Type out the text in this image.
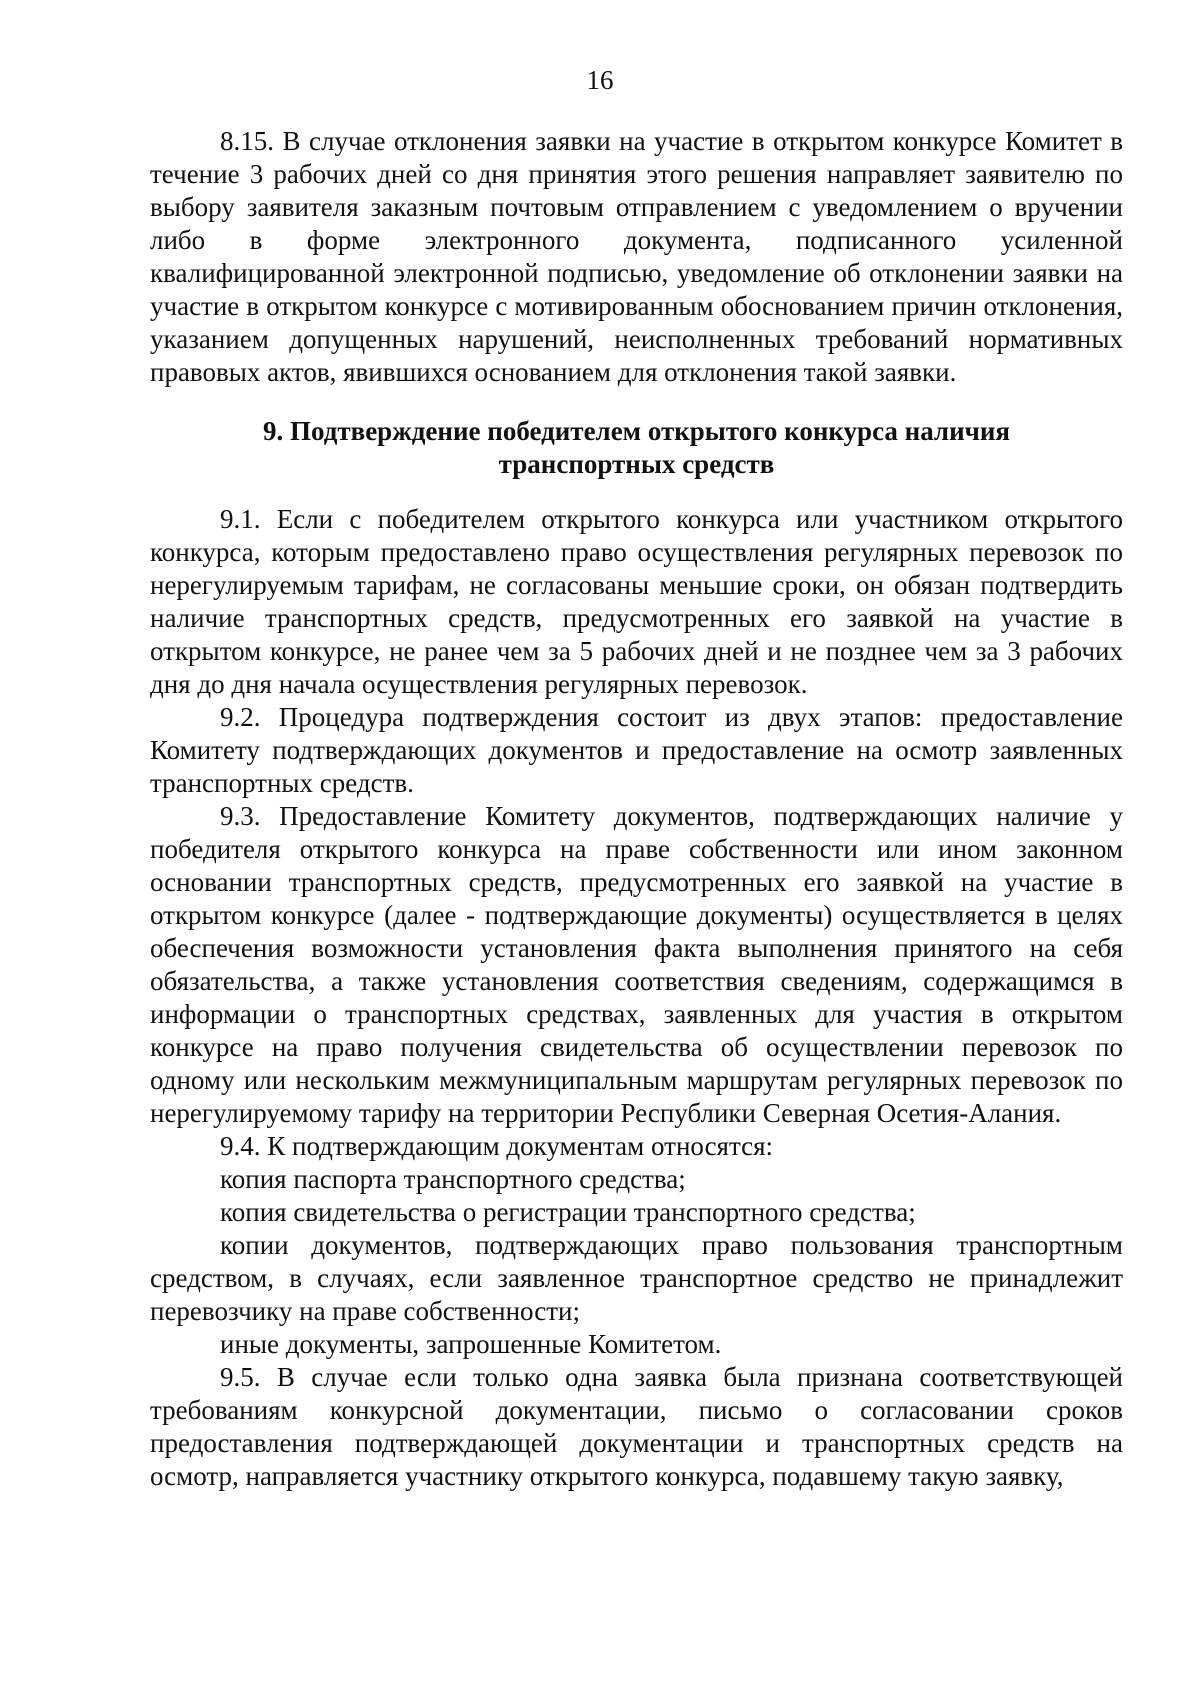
16

8.15. В случае отклонения заявки на участие в открытом конкурсе Комитет в течение 3 рабочих дней со дня принятия этого решения направляет заявителю по выбору заявителя заказным почтовым отправлением с уведомлением о вручении либо в форме электронного документа, подписанного усиленной квалифицированной электронной подписью, уведомление об отклонении заявки на участие в открытом конкурсе с мотивированным обоснованием причин отклонения, указанием допущенных нарушений, неисполненных требований нормативных правовых актов, явившихся основанием для отклонения такой заявки.

9. Подтверждение победителем открытого конкурса наличия
транспортных средств

9.1. Если с победителем открытого конкурса или участником открытого конкурса, которым предоставлено право осуществления регулярных перевозок по нерегулируемым тарифам, не согласованы меньшие сроки, он обязан подтвердить наличие транспортных средств, предусмотренных его заявкой на участие в открытом конкурсе, не ранее чем за 5 рабочих дней и не позднее чем за 3 рабочих дня до дня начала осуществления регулярных перевозок.

9.2. Процедура подтверждения состоит из двух этапов: предоставление Комитету подтверждающих документов и предоставление на осмотр заявленных транспортных средств.

9.3. Предоставление Комитету документов, подтверждающих наличие у победителя открытого конкурса на праве собственности или ином законном основании транспортных средств, предусмотренных его заявкой на участие в открытом конкурсе (далее - подтверждающие документы) осуществляется в целях обеспечения возможности установления факта выполнения принятого на себя обязательства, а также установления соответствия сведениям, содержащимся в информации о транспортных средствах, заявленных для участия в открытом конкурсе на право получения свидетельства об осуществлении перевозок по одному или нескольким межмуниципальным маршрутам регулярных перевозок по нерегулируемому тарифу на территории Республики Северная Осетия-Алания.

9.4. К подтверждающим документам относятся:

копия паспорта транспортного средства;

копия свидетельства о регистрации транспортного средства;

копии документов, подтверждающих право пользования транспортным средством, в случаях, если заявленное транспортное средство не принадлежит перевозчику на праве собственности;

иные документы, запрошенные Комитетом.

9.5. В случае если только одна заявка была признана соответствующей требованиям конкурсной документации, письмо о согласовании сроков предоставления подтверждающей документации и транспортных средств на осмотр, направляется участнику открытого конкурса, подавшему такую заявку,
